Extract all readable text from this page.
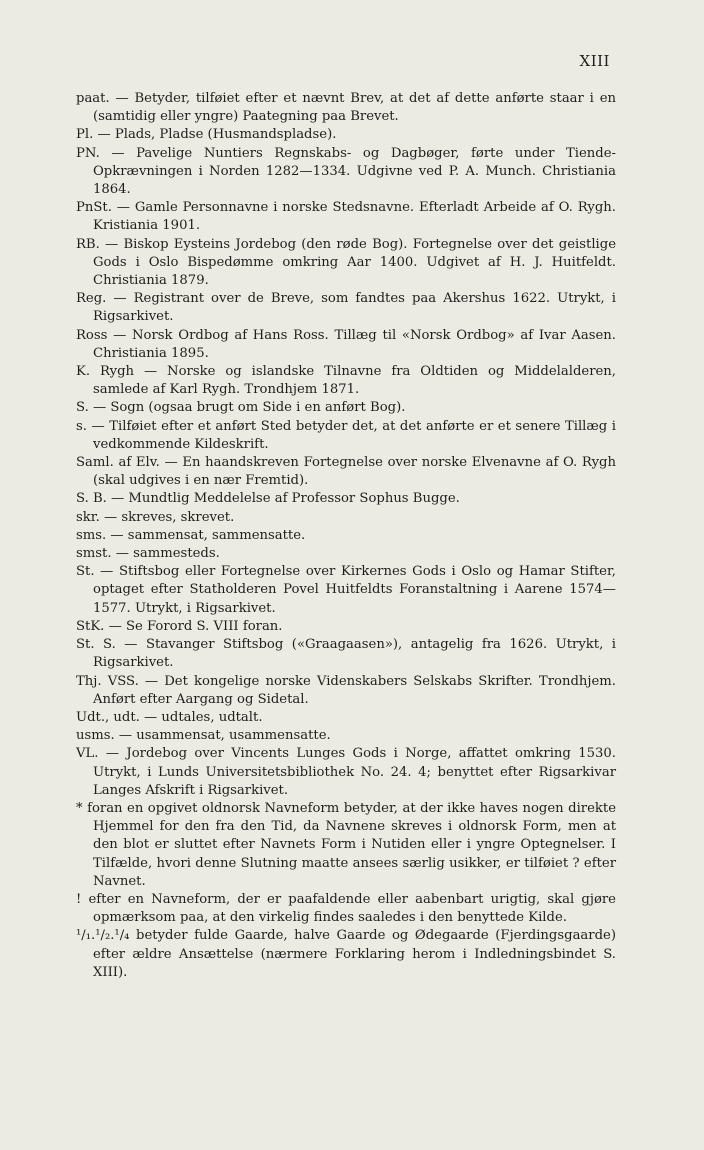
XIII

paat. — Betyder, tilføiet efter et nævnt Brev, at det af dette anførte staar i en (samtidig eller yngre) Paategning paa Brevet.

Pl. — Plads, Pladse (Husmandspladse).

PN. — Pavelige Nuntiers Regnskabs- og Dagbøger, førte under Tiende-Opkrævningen i Norden 1282—1334. Udgivne ved P. A. Munch. Christiania 1864.

PnSt. — Gamle Personnavne i norske Stedsnavne. Efterladt Arbeide af O. Rygh. Kristiania 1901.

RB. — Biskop Eysteins Jordebog (den røde Bog). Fortegnelse over det geistlige Gods i Oslo Bispedømme omkring Aar 1400. Udgivet af H. J. Huitfeldt. Christiania 1879.

Reg. — Registrant over de Breve, som fandtes paa Akershus 1622. Utrykt, i Rigsarkivet.

Ross — Norsk Ordbog af Hans Ross. Tillæg til «Norsk Ordbog» af Ivar Aasen. Christiania 1895.

K. Rygh — Norske og islandske Tilnavne fra Oldtiden og Middelalderen, samlede af Karl Rygh. Trondhjem 1871.

S. — Sogn (ogsaa brugt om Side i en anført Bog).

s. — Tilføiet efter et anført Sted betyder det, at det anførte er et senere Tillæg i vedkommende Kildeskrift.

Saml. af Elv. — En haandskreven Fortegnelse over norske Elvenavne af O. Rygh (skal udgives i en nær Fremtid).

S. B. — Mundtlig Meddelelse af Professor Sophus Bugge.

skr. — skreves, skrevet.

sms. — sammensat, sammensatte.

smst. — sammesteds.

St. — Stiftsbog eller Fortegnelse over Kirkernes Gods i Oslo og Hamar Stifter, optaget efter Statholderen Povel Huitfeldts Foranstaltning i Aarene 1574—1577. Utrykt, i Rigsarkivet.

StK. — Se Forord S. VIII foran.

St. S. — Stavanger Stiftsbog («Graagaasen»), antagelig fra 1626. Utrykt, i Rigsarkivet.

Thj. VSS. — Det kongelige norske Videnskabers Selskabs Skrifter. Trondhjem. Anført efter Aargang og Sidetal.

Udt., udt. — udtales, udtalt.

usms. — usammensat, usammensatte.

VL. — Jordebog over Vincents Lunges Gods i Norge, affattet omkring 1530. Utrykt, i Lunds Universitetsbibliothek No. 24. 4; benyttet efter Rigsarkivar Langes Afskrift i Rigsarkivet.

* foran en opgivet oldnorsk Navneform betyder, at der ikke haves nogen direkte Hjemmel for den fra den Tid, da Navnene skreves i oldnorsk Form, men at den blot er sluttet efter Navnets Form i Nutiden eller i yngre Optegnelser. I Tilfælde, hvori denne Slutning maatte ansees særlig usikker, er tilføiet ? efter Navnet.

! efter en Navneform, der er paafaldende eller aabenbart urigtig, skal gjøre opmærksom paa, at den virkelig findes saaledes i den benyttede Kilde.

¹/₁.¹/₂.¹/₄ betyder fulde Gaarde, halve Gaarde og Ødegaarde (Fjerdingsgaarde) efter ældre Ansættelse (nærmere Forklaring herom i Indledningsbindet S. XIII).
